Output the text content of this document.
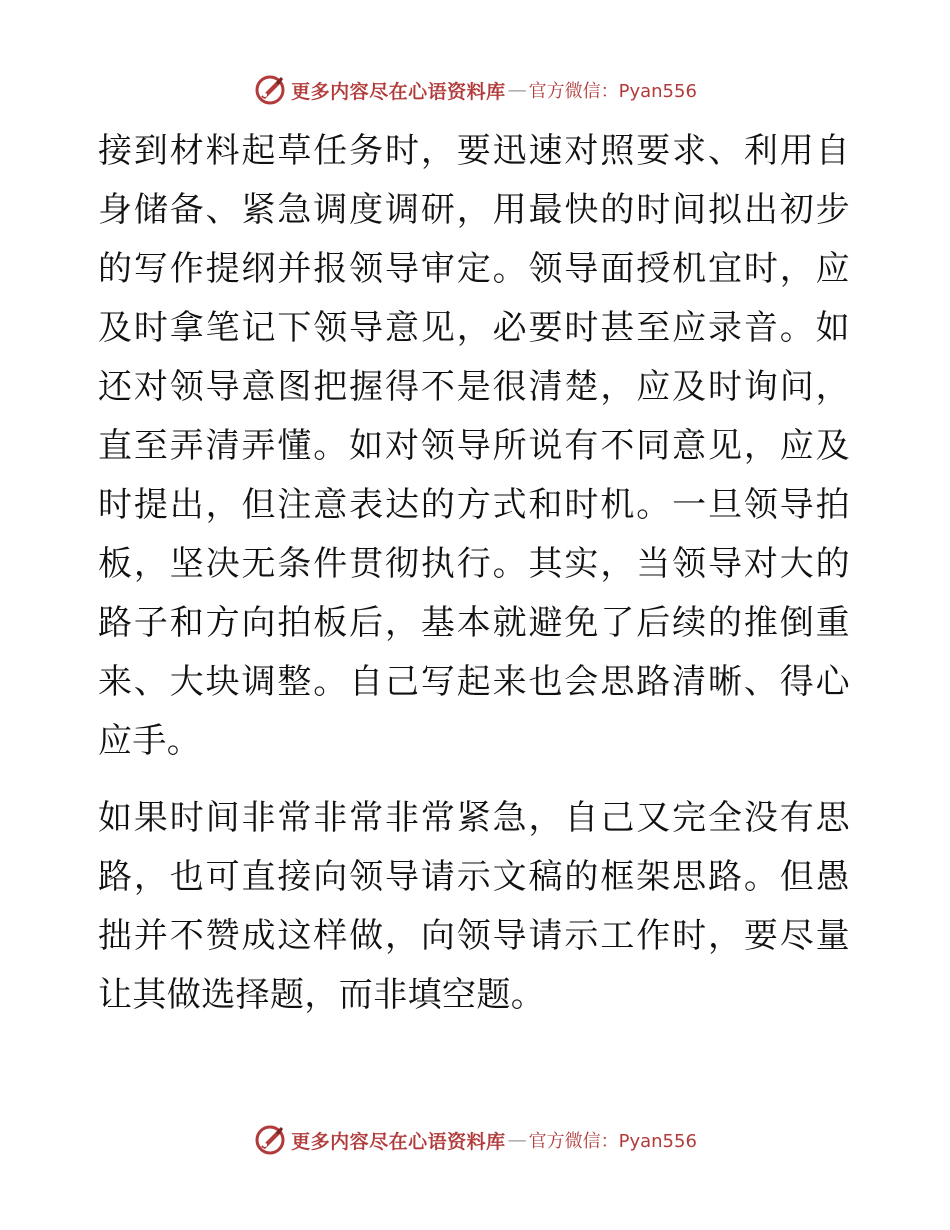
更多内容尽在心语资料库 — 官方微信：Pyan556

接到材料起草任务时，要迅速对照要求、利用自身储备、紧急调度调研，用最快的时间拟出初步的写作提纲并报领导审定。领导面授机宜时，应及时拿笔记下领导意见，必要时甚至应录音。如还对领导意图把握得不是很清楚，应及时询问，直至弄清弄懂。如对领导所说有不同意见，应及时提出，但注意表达的方式和时机。一旦领导拍板，坚决无条件贯彻执行。其实，当领导对大的路子和方向拍板后，基本就避免了后续的推倒重来、大块调整。自己写起来也会思路清晰、得心应手。

如果时间非常非常非常紧急，自己又完全没有思路，也可直接向领导请示文稿的框架思路。但愚拙并不赞成这样做，向领导请示工作时，要尽量让其做选择题，而非填空题。

更多内容尽在心语资料库 — 官方微信：Pyan556
